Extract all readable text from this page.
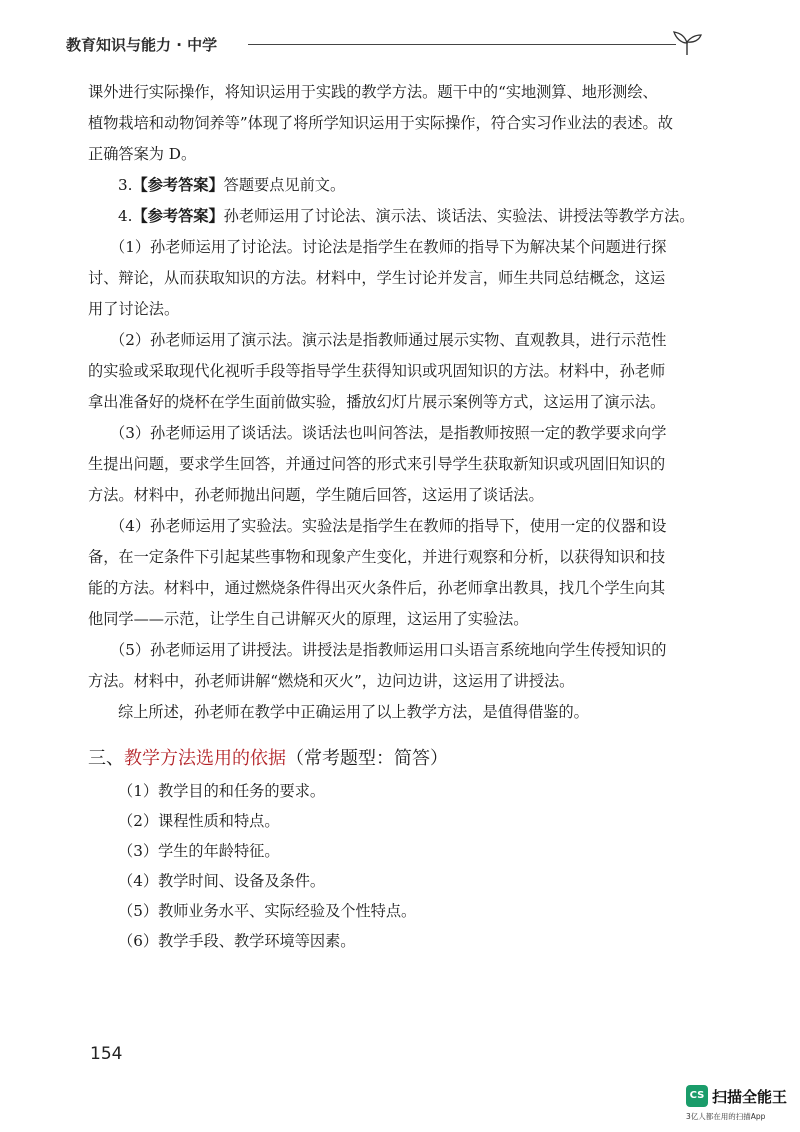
教育知识与能力 · 中学
课外进行实际操作，将知识运用于实践的教学方法。题干中的“实地测算、地形测绘、
植物栽培和动物饲养等”体现了将所学知识运用于实际操作，符合实习作业法的表述。故
正确答案为 D。
3.【参考答案】答题要点见前文。
4.【参考答案】孙老师运用了讨论法、演示法、谈话法、实验法、讲授法等教学方法。
（1）孙老师运用了讨论法。讨论法是指学生在教师的指导下为解决某个问题进行探
讨、辩论，从而获取知识的方法。材料中，学生讨论并发言，师生共同总结概念，这运
用了讨论法。
（2）孙老师运用了演示法。演示法是指教师通过展示实物、直观教具，进行示范性
的实验或采取现代化视听手段等指导学生获得知识或巩固知识的方法。材料中，孙老师
拿出准备好的烧杯在学生面前做实验，播放幻灯片展示案例等方式，这运用了演示法。
（3）孙老师运用了谈话法。谈话法也叫问答法，是指教师按照一定的教学要求向学
生提出问题，要求学生回答，并通过问答的形式来引导学生获取新知识或巩固旧知识的
方法。材料中，孙老师抛出问题，学生随后回答，这运用了谈话法。
（4）孙老师运用了实验法。实验法是指学生在教师的指导下，使用一定的仪器和设
备，在一定条件下引起某些事物和现象产生变化，并进行观察和分析，以获得知识和技
能的方法。材料中，通过燃烧条件得出灭火条件后，孙老师拿出教具，找几个学生向其
他同学——示范，让学生自己讲解灭火的原理，这运用了实验法。
（5）孙老师运用了讲授法。讲授法是指教师运用口头语言系统地向学生传授知识的
方法。材料中，孙老师讲解“燃烧和灭火”，边问边讲，这运用了讲授法。
综上所述，孙老师在教学中正确运用了以上教学方法，是值得借鉴的。
三、教学方法选用的依据（常考题型：简答）
（1）教学目的和任务的要求。
（2）课程性质和特点。
（3）学生的年龄特征。
（4）教学时间、设备及条件。
（5）教师业务水平、实际经验及个性特点。
（6）教学手段、教学环境等因素。
154
CS 扫描全能王
3亿人都在用的扫描App
